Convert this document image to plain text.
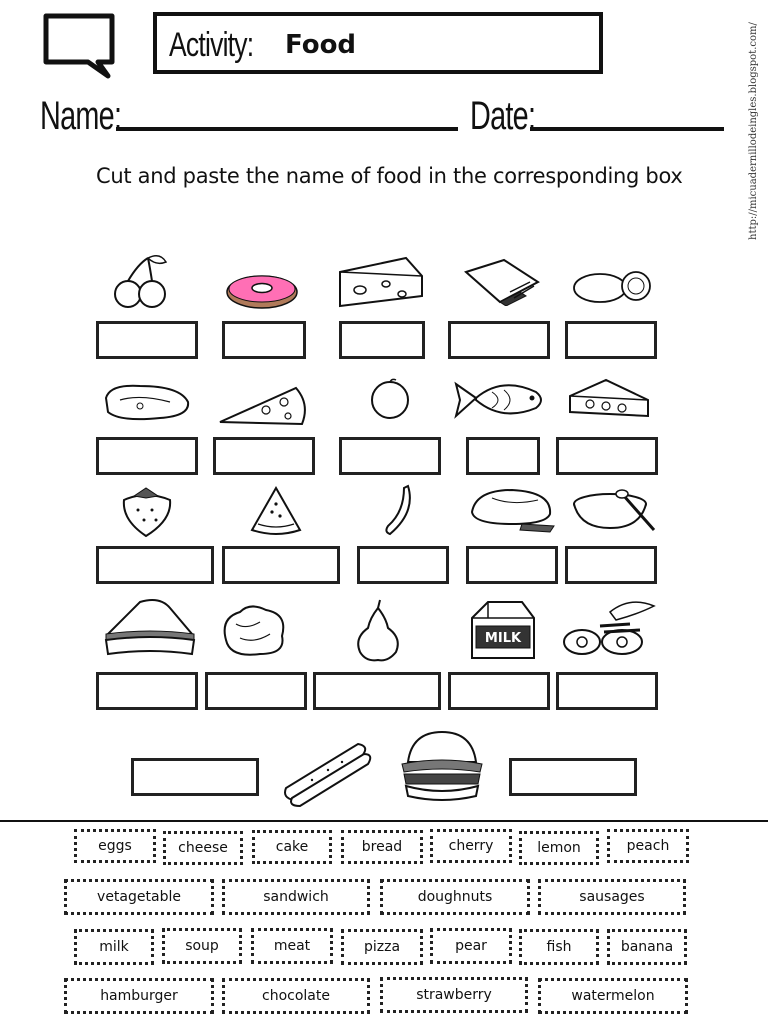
Activity: Food
Name:	Date:
Cut and paste the name of food in the corresponding box	http://micuadernillodeingles.blogspot.com/
MILK
eggs	cheese	cake	bread	cherry	lemon	peach
vetagetable	sandwich	doughnuts	sausages
milk	soup	meat	pizza	pear	fish	banana
hamburger	chocolate	strawberry	watermelon
